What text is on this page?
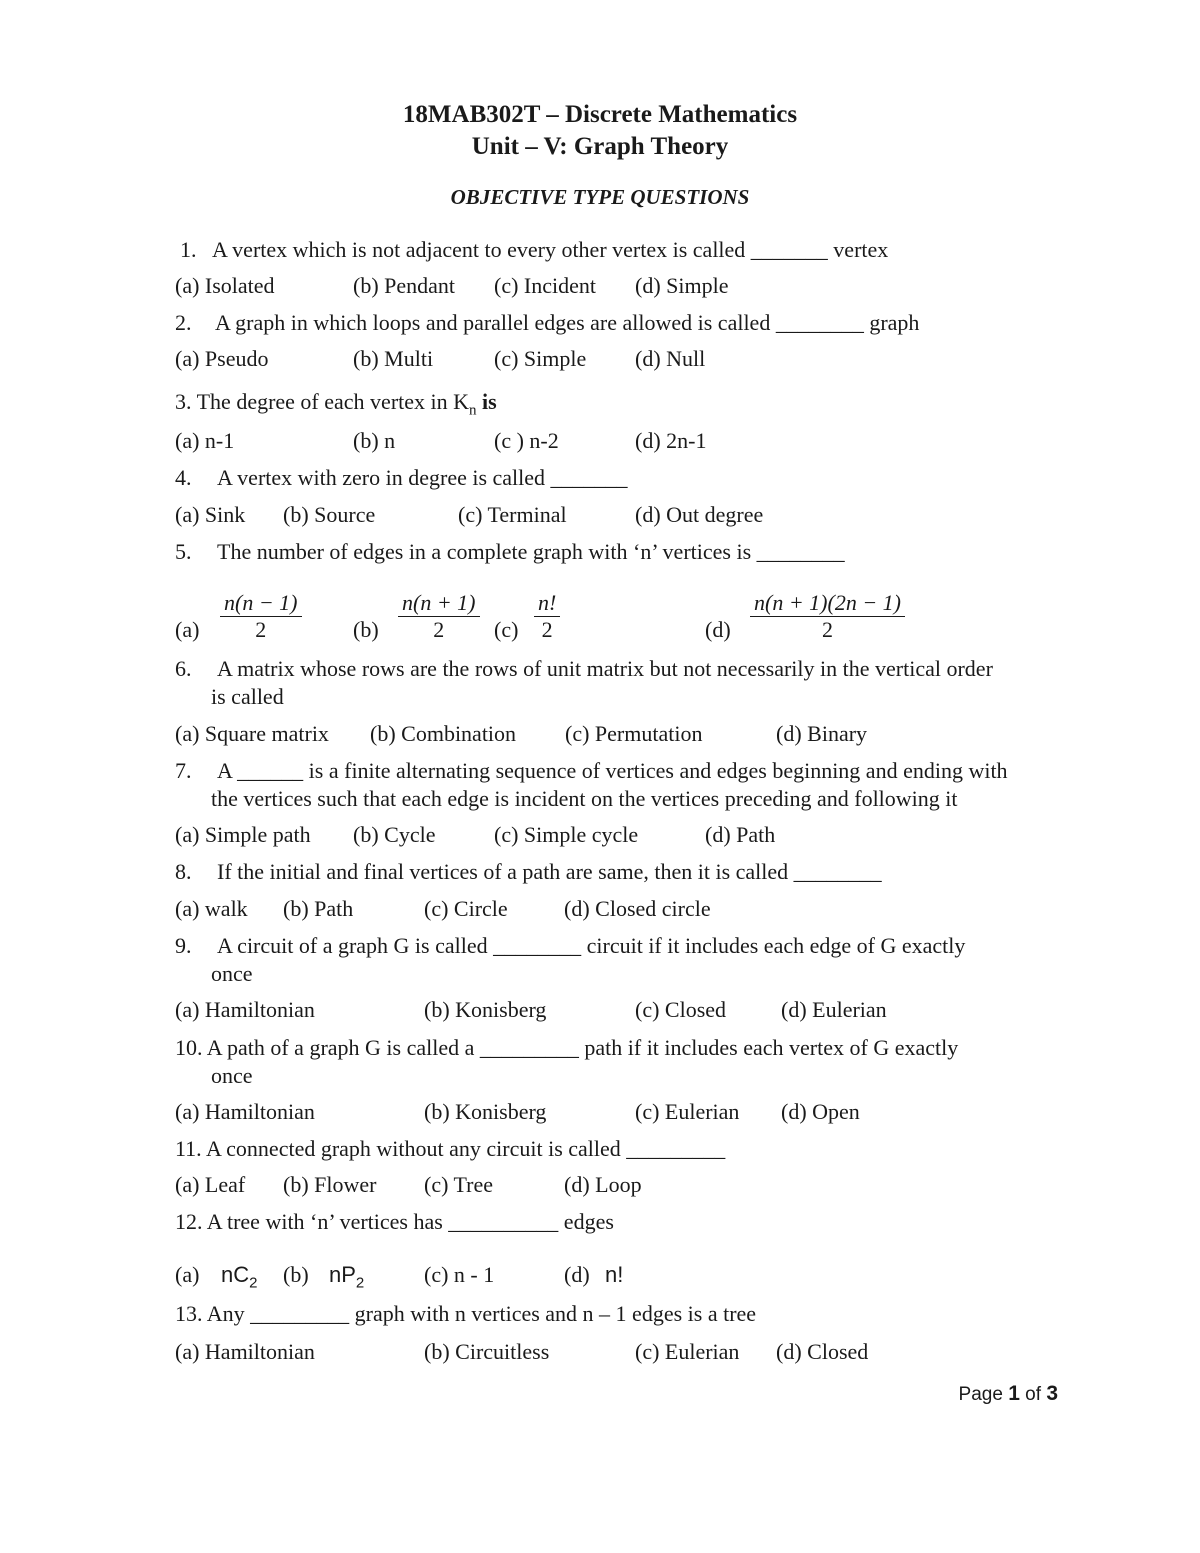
18MAB302T – Discrete Mathematics
Unit – V: Graph Theory
OBJECTIVE TYPE QUESTIONS
1. A vertex which is not adjacent to every other vertex is called _______ vertex
(a) Isolated	(b) Pendant (c) Incident (d) Simple
2. A graph in which loops and parallel edges are allowed is called ________ graph
(a) Pseudo	(b) Multi	(c) Simple (d) Null
3. The degree of each vertex in $K_n$ is
(a) n-1	(b) n	(c ) n-2	(d) 2n-1
4. A vertex with zero in degree is called _______
(a) Sink (b) Source	(c) Terminal	(d) Out degree
5. The number of edges in a complete graph with ‘n’ vertices is ________
(a)	(b)	(c)	(d)
$\frac{n(n - 1)}{2}$	$\frac{n(n + 1)}{2} \frac{n!}{2}$	$\frac{n(n + 1)(2n - 1)}{2}$
6. A matrix whose rows are the rows of unit matrix but not necessarily in the vertical order
is called
(a) Square matrix (b) Combination (c) Permutation	(d) Binary
7. A ______ is a finite alternating sequence of vertices and edges beginning and ending with
the vertices such that each edge is incident on the vertices preceding and following it
(a) Simple path (b) Cycle	(c) Simple cycle	(d) Path
8. If the initial and final vertices of a path are same, then it is called ________
(a) walk (b) Path	(c) Circle	(d) Closed circle
9. A circuit of a graph G is called ________ circuit if it includes each edge of G exactly
once
(a) Hamiltonian	(b) Konisberg	(c) Closed (d) Eulerian
10. A path of a graph G is called a _________ path if it includes each vertex of G exactly
once
(a) Hamiltonian	(b) Konisberg	(c) Eulerian (d) Open
11. A connected graph without any circuit is called _________
(a) Leaf (b) Flower (c) Tree	(d) Loop
12. A tree with ‘n’ vertices has __________ edges
(a) $nC_2$ (b) $nP_2$	(c) n - 1	(d) n!
13. Any _________ graph with n vertices and n – 1 edges is a tree
(a) Hamiltonian	(b) Circuitless	(c) Eulerian (d) Closed
Page 1 of 3
